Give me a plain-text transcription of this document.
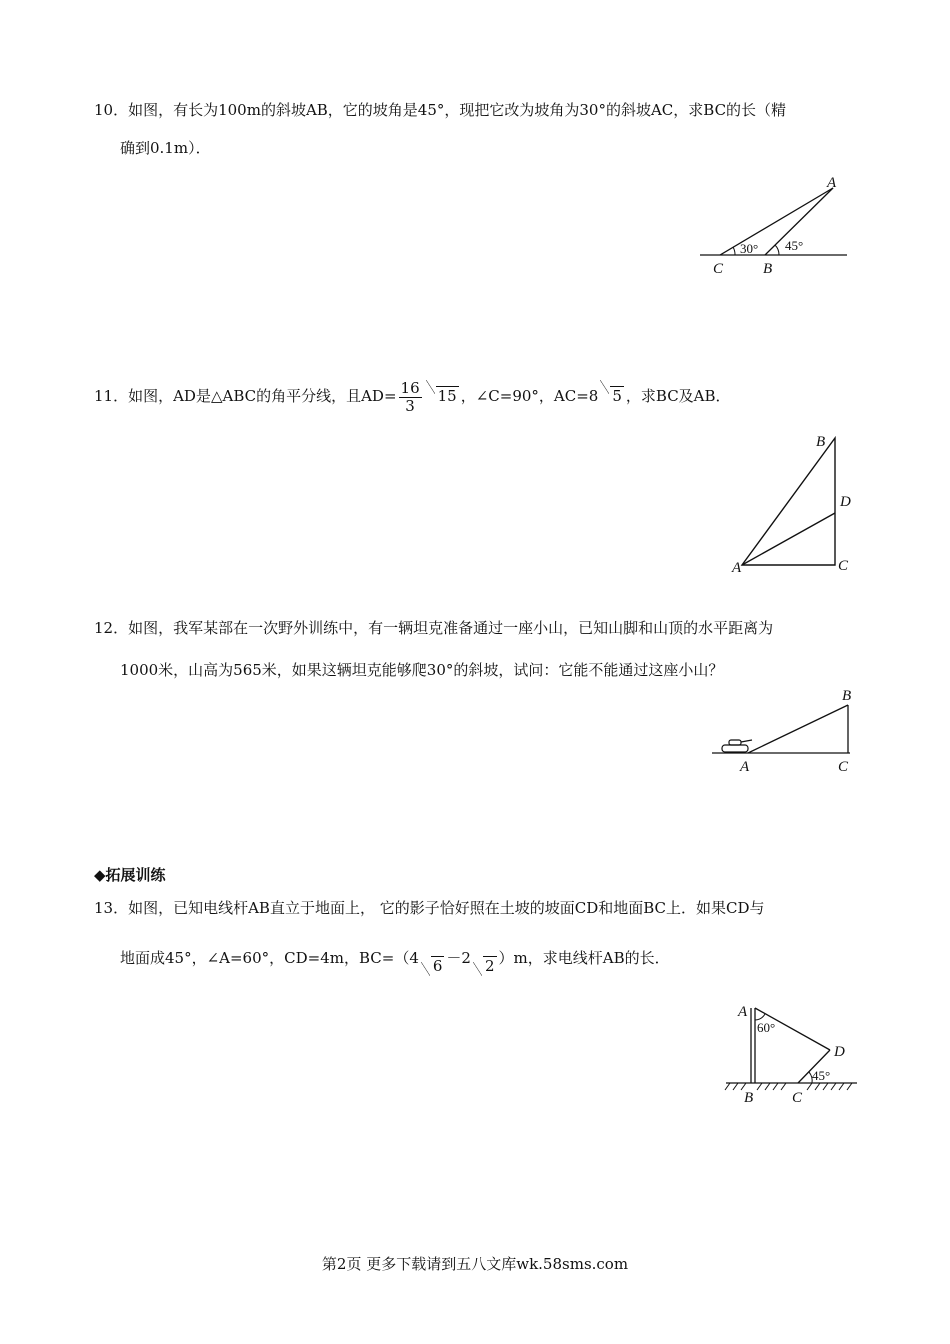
10．如图，有长为100m的斜坡AB，它的坡角是45°，现把它改为坡角为30°的斜坡AC，求BC的长（精
确到0.1m）．
A
C	B
30° 45°
11．如图，AD是△ABC的角平分线，且$AD= \frac{16}{3} 15$ ，∠C=90°，AC=8 5 ，求BC及AB．
B
D
A	C
12．如图，我军某部在一次野外训练中，有一辆坦克准备通过一座小山，已知山脚和山顶的水平距离为
1000米，山高为565米，如果这辆坦克能够爬30°的斜坡，试问：它能不能通过这座小山？
A	C
B
◆拓展训练
13．如图，已知电线杆AB直立于地面上， 它的影子恰好照在土坡的坡面CD和地面BC上．如果CD与
地面成45°，∠A=60°，CD=4m，BC=（4 6 －2 2 ）m，求电线杆AB的长．
A
60°
D
45°
B	C
第2页 更多下载请到五八文库wk.58sms.com
